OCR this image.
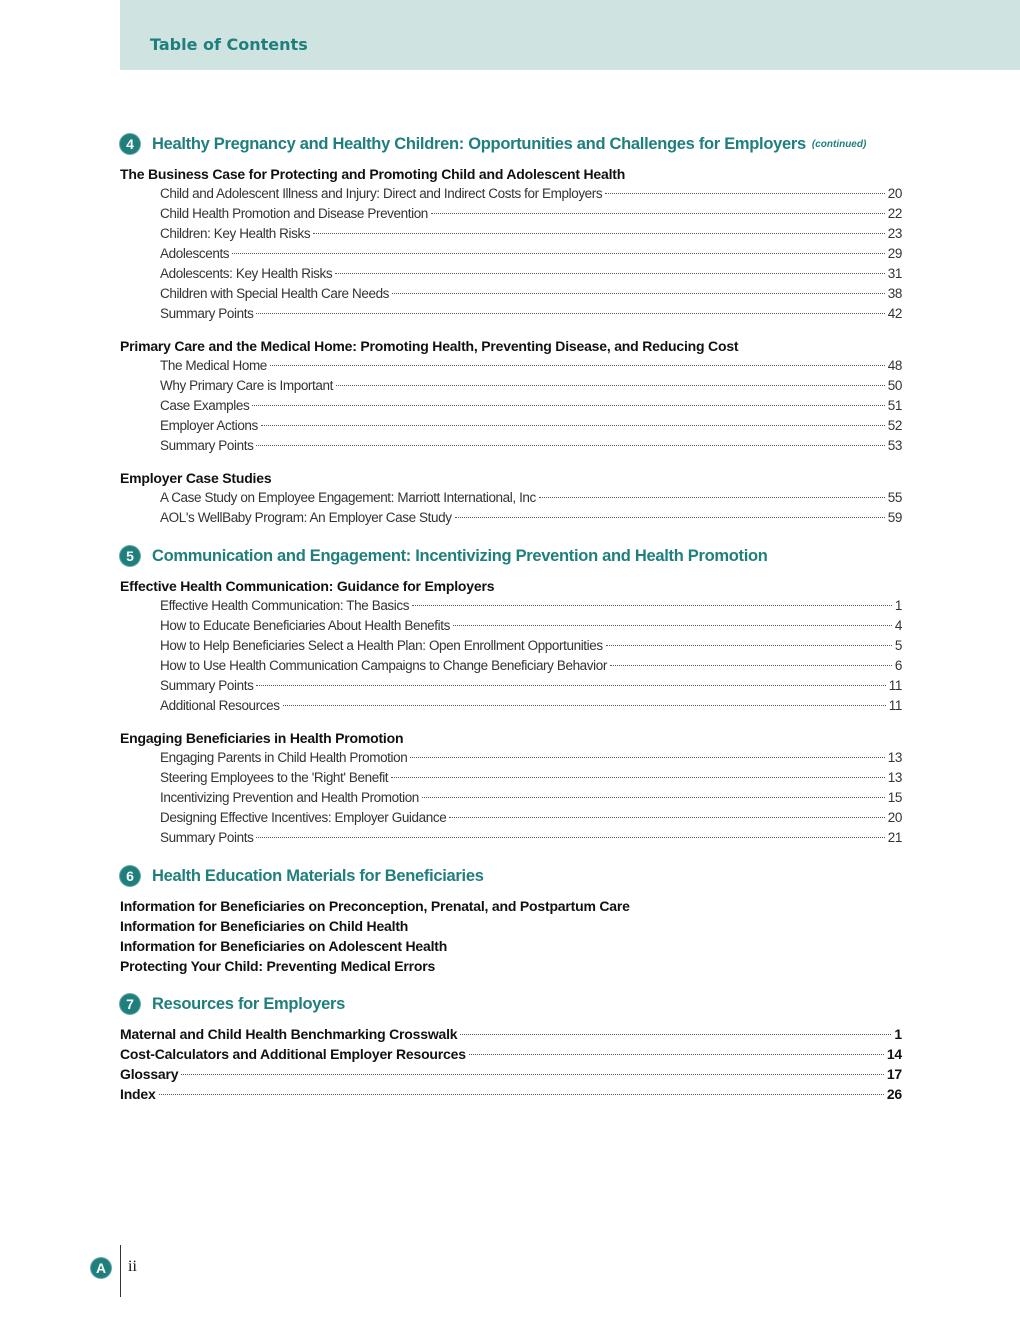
Table of Contents
4	Healthy Pregnancy and Healthy Children: Opportunities and Challenges for Employers (continued)
The Business Case for Protecting and Promoting Child and Adolescent Health
Child and Adolescent Illness and Injury: Direct and Indirect Costs for Employers	20
Child Health Promotion and Disease Prevention	22
Children: Key Health Risks	23
Adolescents	29
Adolescents: Key Health Risks	31
Children with Special Health Care Needs	38
Summary Points	42
Primary Care and the Medical Home: Promoting Health, Preventing Disease, and Reducing Cost
The Medical Home	48
Why Primary Care is Important	50
Case Examples	51
Employer Actions	52
Summary Points	53
Employer Case Studies
A Case Study on Employee Engagement: Marriott International, Inc	55
AOL's WellBaby Program: An Employer Case Study	59
5	Communication and Engagement: Incentivizing Prevention and Health Promotion
Effective Health Communication: Guidance for Employers
Effective Health Communication: The Basics	1
How to Educate Beneficiaries About Health Benefits	4
How to Help Beneficiaries Select a Health Plan: Open Enrollment Opportunities	5
How to Use Health Communication Campaigns to Change Beneficiary Behavior	6
Summary Points	11
Additional Resources	11
Engaging Beneficiaries in Health Promotion
Engaging Parents in Child Health Promotion	13
Steering Employees to the 'Right' Benefit	13
Incentivizing Prevention and Health Promotion	15
Designing Effective Incentives: Employer Guidance	20
Summary Points	21
6	Health Education Materials for Beneficiaries
Information for Beneficiaries on Preconception, Prenatal, and Postpartum Care
Information for Beneficiaries on Child Health
Information for Beneficiaries on Adolescent Health
Protecting Your Child: Preventing Medical Errors
7	Resources for Employers
Maternal and Child Health Benchmarking Crosswalk	1
Cost-Calculators and Additional Employer Resources	14
Glossary	17
Index	26
A	ii
